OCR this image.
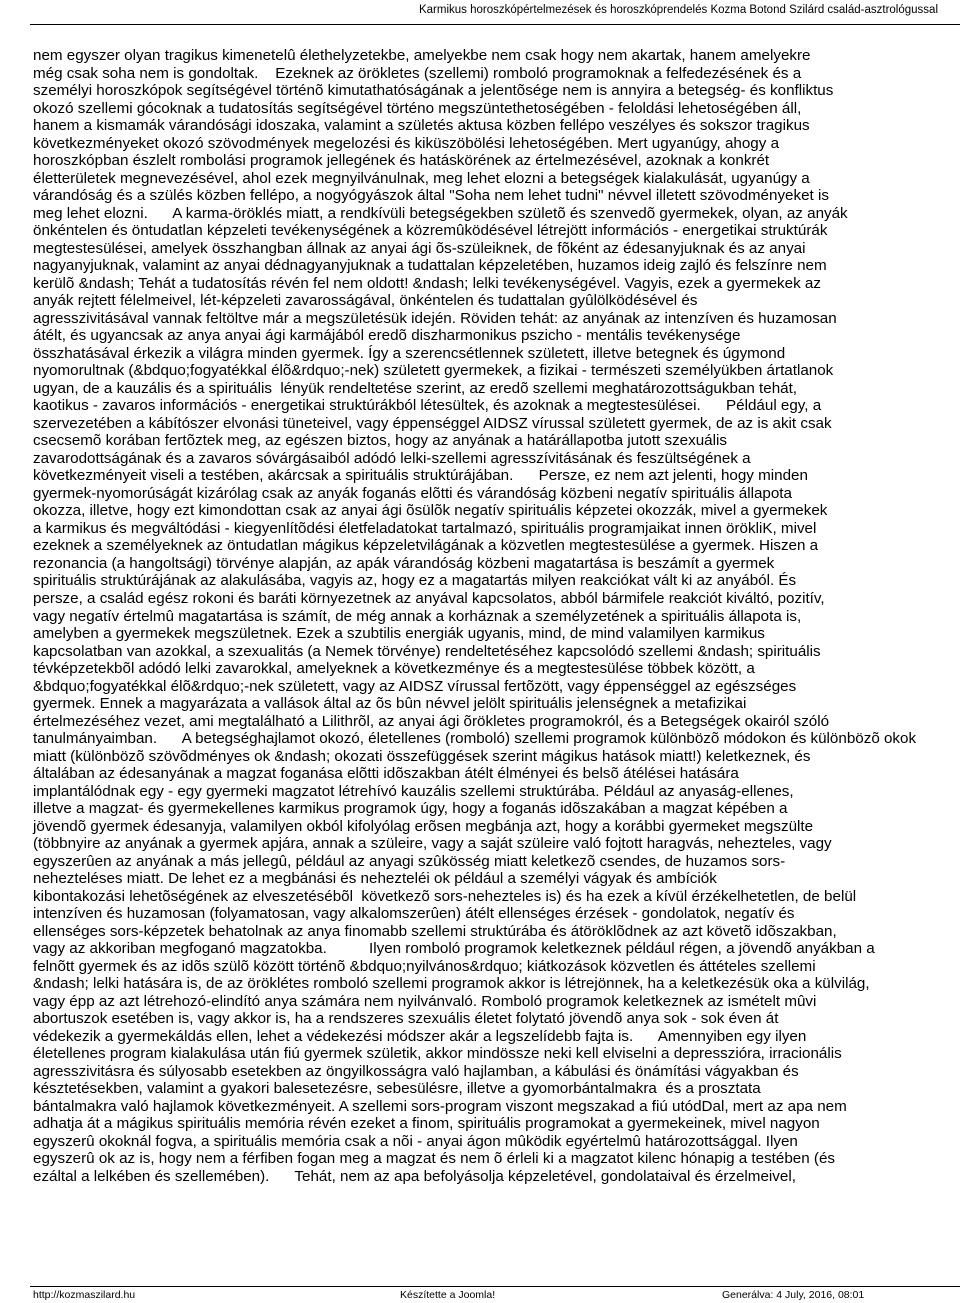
Karmikus horoszkópértelmezések és horoszkóprendelés Kozma Botond Szilárd család-asztrológussal
nem egyszer olyan tragikus kimenetelû élethelyzetekbe, amelyekbe nem csak hogy nem akartak, hanem amelyekre
még csak soha nem is gondoltak.    Ezeknek az örökletes (szellemi) romboló programoknak a felfedezésének és a
személyi horoszkópok segítségével történõ kimutathatóságának a jelentõsége nem is annyira a betegség- és konfliktus
okozó szellemi gócoknak a tudatosítás segítségével történo megszüntethetoségében - feloldási lehetoségében áll,
hanem a kismamák várandósági idoszaka, valamint a születés aktusa közben fellépo veszélyes és sokszor tragikus
következményeket okozó szövodmények megelozési és kiküszöbölési lehetoségében. Mert ugyanúgy, ahogy a
horoszkópban észlelt rombolási programok jellegének és hatáskörének az értelmezésével, azoknak a konkrét
életterületek megnevezésével, ahol ezek megnyilvánulnak, meg lehet elozni a betegségek kialakulását, ugyanúgy a
várandóság és a szülés közben fellépo, a nogyógyászok által "Soha nem lehet tudni" névvel illetett szövodményeket is
meg lehet elozni.      A karma-öröklés miatt, a rendkívüli betegségekben születõ és szenvedõ gyermekek, olyan, az anyák
önkéntelen és öntudatlan képzeleti tevékenységének a közremûködésével létrejött információs - energetikai struktúrák
megtestesülései, amelyek összhangban állnak az anyai ági õs-szüleiknek, de fõként az édesanyjuknak és az anyai
nagyanyjuknak, valamint az anyai dédnagyanyjuknak a tudattalan képzeletében, huzamos ideig zajló és felszínre nem
kerülõ &ndash; Tehát a tudatosítás révén fel nem oldott! &ndash; lelki tevékenységével. Vagyis, ezek a gyermekek az
anyák rejtett félelmeivel, lét-képzeleti zavarosságával, önkéntelen és tudattalan gyûlölködésével és
agresszivitásával vannak feltöltve már a megszületésük idején. Röviden tehát: az anyának az intenzíven és huzamosan
átélt, és ugyancsak az anya anyai ági karmájából eredõ diszharmonikus pszicho - mentális tevékenysége
összhatásával érkezik a világra minden gyermek. Így a szerencsétlennek született, illetve betegnek és úgymond
nyomorultnak (&bdquo;fogyatékkal élõ&rdquo;-nek) született gyermekek, a fizikai - természeti személyükben ártatlanok
ugyan, de a kauzális és a spirituális  lényük rendeltetése szerint, az eredõ szellemi meghatározottságukban tehát,
kaotikus - zavaros információs - energetikai struktúrákból létesültek, és azoknak a megtestesülései.      Például egy, a
szervezetében a kábítószer elvonási tüneteivel, vagy éppenséggel AIDSZ vírussal született gyermek, de az is akit csak
csecsemõ korában fertõztek meg, az egészen biztos, hogy az anyának a határállapotba jutott szexuális
zavarodottságának és a zavaros sóvárgásaiból adódó lelki-szellemi agresszívitásának és feszültségének a
következményeit viseli a testében, akárcsak a spirituális struktúrájában.      Persze, ez nem azt jelenti, hogy minden
gyermek-nyomorúságát kizárólag csak az anyák foganás elõtti és várandóság közbeni negatív spirituális állapota
okozza, illetve, hogy ezt kimondottan csak az anyai ági õsülõk negatív spirituális képzetei okozzák, mivel a gyermekek
a karmikus és megváltódási - kiegyenlítõdési életfeladatokat tartalmazó, spirituális programjaikat innen örökliK, mivel
ezeknek a személyeknek az öntudatlan mágikus képzeletvilágának a közvetlen megtestesülése a gyermek. Hiszen a
rezonancia (a hangoltsági) törvénye alapján, az apák várandóság közbeni magatartása is beszámít a gyermek
spirituális struktúrájának az alakulásába, vagyis az, hogy ez a magatartás milyen reakciókat vált ki az anyából. És
persze, a család egész rokoni és baráti környezetnek az anyával kapcsolatos, abból bármifele reakciót kiváltó, pozitív,
vagy negatív értelmû magatartása is számít, de még annak a korháznak a személyzetének a spirituális állapota is,
amelyben a gyermekek megszületnek. Ezek a szubtilis energiák ugyanis, mind, de mind valamilyen karmikus
kapcsolatban van azokkal, a szexualitás (a Nemek törvénye) rendeltetéséhez kapcsolódó szellemi &ndash; spirituális
tévképzetekbõl adódó lelki zavarokkal, amelyeknek a következménye és a megtestesülése többek között, a
&bdquo;fogyatékkal élõ&rdquo;-nek született, vagy az AIDSZ vírussal fertõzött, vagy éppenséggel az egészséges
gyermek. Ennek a magyarázata a vallások által az õs bûn névvel jelölt spirituális jelenségnek a metafizikai
értelmezéséhez vezet, ami megtalálható a Lilithrõl, az anyai ági õrökletes programokról, és a Betegségek okairól szóló
tanulmányaimban.      A betegséghajlamot okozó, életellenes (romboló) szellemi programok különbözõ módokon és különbözõ okok
miatt (különbözõ szövõdményes ok &ndash; okozati összefüggések szerint mágikus hatások miatt!) keletkeznek, és
általában az édesanyának a magzat foganása elõtti idõszakban átélt élményei és belsõ átélései hatására
implantálódnak egy - egy gyermeki magzatot létrehívó kauzális szellemi struktúrába. Például az anyaság-ellenes,
illetve a magzat- és gyermekellenes karmikus programok úgy, hogy a foganás idõszakában a magzat képében a
jövendõ gyermek édesanyja, valamilyen okból kifolyólag erõsen megbánja azt, hogy a korábbi gyermeket megszülte
(többnyire az anyának a gyermek apjára, annak a szüleire, vagy a saját szüleire való fojtott haragvás, nehezteles, vagy
egyszerûen az anyának a más jellegû, például az anyagi szûkösség miatt keletkezõ csendes, de huzamos sors-
nehezteléses miatt. De lehet ez a megbánási és nehezteléi ok például a személyi vágyak és ambíciók
kibontakozási lehetõségének az elveszetésébõl  következõ sors-nehezteles is) és ha ezek a kívül érzékelhetetlen, de belül
intenzíven és huzamosan (folyamatosan, vagy alkalomszerûen) átélt ellenséges érzések - gondolatok, negatív és
ellenséges sors-képzetek behatolnak az anya finomabb szellemi struktúrába és átöröklõdnek az azt követõ idõszakban,
vagy az akkoriban megfoganó magzatokba.          Ilyen romboló programok keletkeznek például régen, a jövendõ anyákban a
felnõtt gyermek és az idõs szülõ között történõ &bdquo;nyilvános&rdquo; kiátkozások közvetlen és áttételes szellemi
&ndash; lelki hatására is, de az öröklétes romboló szellemi programok akkor is létrejönnek, ha a keletkezésük oka a külvilág,
vagy épp az azt létrehozó-elindító anya számára nem nyilvánvaló. Romboló programok keletkeznek az ismételt mûvi
abortuszok esetében is, vagy akkor is, ha a rendszeres szexuális életet folytató jövendõ anya sok - sok éven át
védekezik a gyermekáldás ellen, lehet a védekezési módszer akár a legszelídebb fajta is.      Amennyiben egy ilyen
életellenes program kialakulása után fiú gyermek születik, akkor mindössze neki kell elviselni a depresszióra, irracionális
agresszivitásra és súlyosabb esetekben az öngyilkosságra való hajlamban, a kábulási és önámítási vágyakban és
késztetésekben, valamint a gyakori balesetezésre, sebesülésre, illetve a gyomorbántalmakra  és a prosztata
bántalmakra való hajlamok következményeit. A szellemi sors-program viszont megszakad a fiú utódDal, mert az apa nem
adhatja át a mágikus spirituális memória révén ezeket a finom, spirituális programokat a gyermekeinek, mivel nagyon
egyszerû okoknál fogva, a spirituális memória csak a nõi - anyai ágon mûködik egyértelmû határozottsággal. Ilyen
egyszerû ok az is, hogy nem a férfiben fogan meg a magzat és nem õ érleli ki a magzatot kilenc hónapig a testében (és
ezáltal a lelkében és szellemében).      Tehát, nem az apa befolyásolja képzeletével, gondolataival és érzelmeivel,
http://kozmaszilard.hu	Készítette a Joomla!	Generálva: 4 July, 2016, 08:01
